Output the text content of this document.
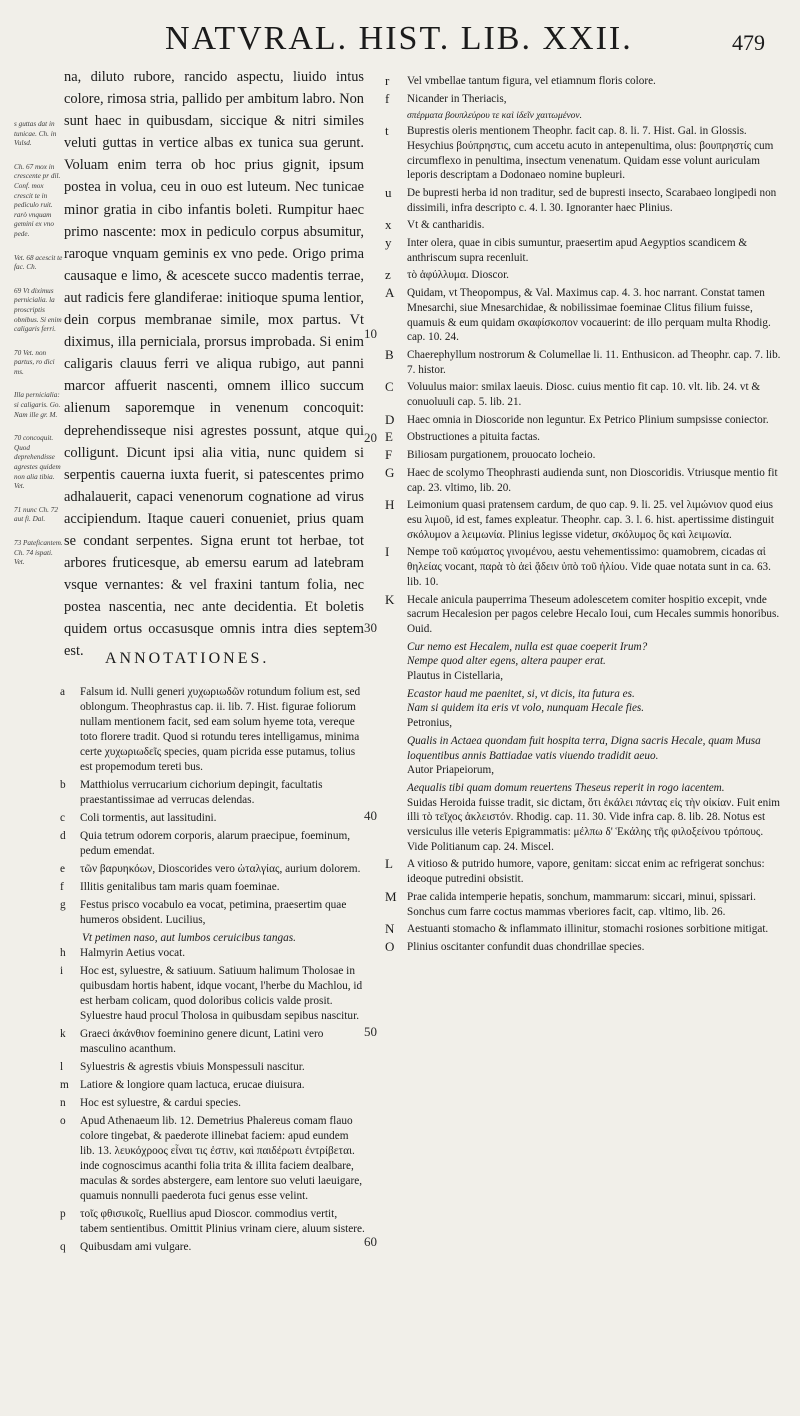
NATVRAL. HIST. LIB. XXII.	479
10
20
30
40
50
60
s guttas dat in tunicae. Ch. in Vulsd.
Ch. 67 mox in crescente pr dil. Conf. mox crescit te in pediculo ruit. rarò vnquam gemini ex vno pede.
Vet. 68 acescit te fac. Ch.
69 Vt diximus pernicialia. la proscriptis obnibus. Si enim caligaris ferri.
70 Vet. non partus, ro dici ms.
Illa pernicialia: si caligaris. Go. Nam ille gr. M.
70 concoquit. Quod deprehendisse agrestes quidem non alia tibia. Vet.
71 nunc Ch. 72 aut fi. Dal.
73 Pateficantem. Ch. 74 ispati. Vet.

na, diluto rubore, rancido aspectu, liuido intus colore, rimosa stria, pallido per ambitum labro. Non sunt haec in quibusdam, siccique & nitri similes veluti guttas in vertice albas ex tunica sua gerunt. Voluam enim terra ob hoc prius gignit, ipsum postea in volua, ceu in ouo est luteum. Nec tunicae minor gratia in cibo infantis boleti. Rumpitur haec primo nascente: mox in pediculo corpus absumitur, raroque vnquam geminis ex vno pede. Origo prima causaque e limo, & acescete succo madentis terrae, aut radicis fere glandiferae: initioque spuma lentior, dein corpus membranae simile, mox partus. Vt diximus, illa perniciala, prorsus improbada. Si enim caligaris clauus ferri ve aliqua rubigo, aut panni marcor affuerit nascenti, omnem illico succum alienum saporemque in venenum concoquit: deprehendisseque nisi agrestes possunt, atque qui colligunt. Dicunt ipsi alia vitia, nunc quidem si serpentis cauerna iuxta fuerit, si patescentes primo adhalauerit, capaci venenorum cognatione ad virus accipiendum. Itaque caueri conueniet, prius quam se condant serpentes. Signa erunt tot herbae, tot arbores fruticesque, ab emersu earum ad latebram vsque vernantes: & vel fraxini tantum folia, nec postea nascentia, nec ante decidentia. Et boletis quidem ortus occasusque omnis intra dies septem est.	ANNOTATIONES.
a	Falsum id. Nulli generi χυχωριωδῶν rotundum folium est, sed oblongum. Theophrastus cap. ii. lib. 7. Hist. figurae foliorum nullam mentionem facit, sed eam solum hyeme tota, vereque toto florere tradit. Quod si rotundu teres intelligamus, minima certe χυχωριωδεῖς species, quam picrida esse putamus, tolius est propemodum tereti bus.
b	Matthiolus verrucarium cichorium depingit, facultatis praestantissimae ad verrucas delendas.
c	Coli tormentis, aut lassitudini.
d	Quia tetrum odorem corporis, alarum praecipue, foeminum, pedum emendat.
e	τῶν βαρυηκόων, Dioscorides vero ὠταλγίας, aurium dolorem.
f	Illitis genitalibus tam maris quam foeminae.
g	Festus prisco vocabulo ea vocat, petimina, praesertim quae humeros obsident. Lucilius,
Vt petimen naso, aut lumbos ceruicibus tangas.
h	Halmyrin Aetius vocat.
i	Hoc est, syluestre, & satiuum. Satiuum halimum Tholosae in quibusdam hortis habent, idque vocant, l'herbe du Machlou, id est herbam colicam, quod doloribus colicis valde prosit. Syluestre haud procul Tholosa in quibusdam sepibus nascitur.
k	Graeci ἀκάνθιον foeminino genere dicunt, Latini vero masculino acanthum.
l	Syluestris & agrestis vbiuis Monspessuli nascitur.
m Latiore & longiore quam lactuca, erucae diuisura.
n	Hoc est syluestre, & cardui species.
o	Apud Athenaeum lib. 12. Demetrius Phalereus comam flauo colore tingebat, & paederote illinebat faciem: apud eundem lib. 13. λευκόχροος εἶναι τις ἐστιν, καὶ παιδέρωτι ἐντρίβεται. inde cognoscimus acanthi folia trita & illita faciem dealbare, maculas & sordes abstergere, eam lentore suo veluti laeuigare, quamuis nonnulli paederota fuci genus esse velint.
p	τοῖς φθισικοῖς, Ruellius apud Dioscor. commodius vertit, tabem sentientibus. Omittit Plinius vrinam ciere, aluum sistere.
q	Quibusdam ami vulgare.
r	Vel vmbellae tantum figura, vel etiamnum floris colore.
f	Nicander in Theriacis,
σπέρματα βουπλεύρου τε καὶ ἰδεῖν χαιτωμένον.
t	Buprestis oleris mentionem Theophr. facit cap. 8. li. 7. Hist. Gal. in Glossis. Hesychius βούπρηστις, cum accetu acuto in antepenultima, olus: βουπρηστίς cum circumflexo in penultima, insectum venenatum. Quidam esse volunt auriculam leporis descriptam a Dodonaeo nomine bupleuri.
u	De bupresti herba id non traditur, sed de bupresti insecto, Scarabaeo longipedi non dissimili, infra descripto c. 4. l. 30. Ignoranter haec Plinius.
x	Vt & cantharidis.
y	Inter olera, quae in cibis sumuntur, praesertim apud Aegyptios scandicem & anthriscum supra recenluit.
z	τὸ ἀφύλλυμα. Dioscor.
A	Quidam, vt Theopompus, & Val. Maximus cap. 4. 3. hoc narrant. Constat tamen Mnesarchi, siue Mnesarchidae, & nobilissimae foeminae Clitus filium fuisse, quamuis & eum quidam σκαφίσκοπον vocauerint: de illo perquam multa Rhodig. cap. 10. 24.
B	Chaerephyllum nostrorum & Columellae li. 11. Enthusicon. ad Theophr. cap. 7. lib. 7. histor.
C	Voluulus maior: smilax laeuis. Diosc. cuius mentio fit cap. 10. vlt. lib. 24. vt & conuoluuli cap. 5. lib. 21.
D	Haec omnia in Dioscoride non leguntur. Ex Petrico Plinium sumpsisse coniector.
E	Obstructiones a pituita factas.
F	Biliosam purgationem, prouocato locheio.
G	Haec de scolymo Theophrasti audienda sunt, non Dioscoridis. Vtriusque mentio fit cap. 23. vltimo, lib. 20.
H	Leimonium quasi pratensem cardum, de quo cap. 9. li. 25. vel λιμώνιον quod eius esu λιμοῦ, id est, fames expleatur. Theophr. cap. 3. l. 6. hist. apertissime distinguit σκόλυμον a λειμωνία. Plinius legisse videtur, σκόλυμος ὃς καὶ λειμωνία.
I	Nempe τοῦ καύματος γινομένου, aestu vehementissimo: quamobrem, cicadas αἱ θηλείας vocant, παρὰ τὸ ἀεὶ ᾄδειν ὑπὸ τοῦ ἡλίου. Vide quae notata sunt in ca. 63. lib. 10.
K	Hecale anicula pauperrima Theseum adolescetem comiter hospitio excepit, vnde sacrum Hecalesion per pagos celebre Hecalo Ioui, cum Hecales summis honoribus. Ouid.
Cur nemo est Hecalem, nulla est quae coeperit Irum?
Nempe quod alter egens, altera pauper erat.
Plautus in Cistellaria,
Ecastor haud me paenitet, si, vt dicis, ita futura es.
Nam si quidem ita eris vt volo, nunquam Hecale fies.
Petronius,
Qualis in Actaea quondam fuit hospita terra, Digna sacris Hecale, quam Musa loquentibus annis Battiadae vatis viuendo tradidit aeuo.
Autor Priapeiorum,
Aequalis tibi quam domum reuertens Theseus reperit in rogo iacentem.
Suidas Heroida fuisse tradit, sic dictam, ὅτι ἐκάλει πάντας εἰς τὴν οἰκίαν. Fuit enim illi τὸ τεῖχος ἀκλειστόν. Rhodig. cap. 11. 30. Vide infra cap. 8. lib. 28. Notus est versiculus ille veteris Epigrammatis: μέλπω δ' Ἑκάλης τῆς φιλοξείνου τρόπους. Vide Politianum cap. 24. Miscel.
L	A vitioso & putrido humore, vapore, genitam: siccat enim ac refrigerat sonchus: ideoque putredini obsistit.
M Prae calida intemperie hepatis, sonchum, mammarum: siccari, minui, spissari. Sonchus cum farre coctus mammas vberiores facit, cap. vltimo, lib. 26.
N	Aestuanti stomacho & inflammato illinitur, stomachi rosiones sorbitione mitigat.
O	Plinius oscitanter confundit duas chondrillae species.
